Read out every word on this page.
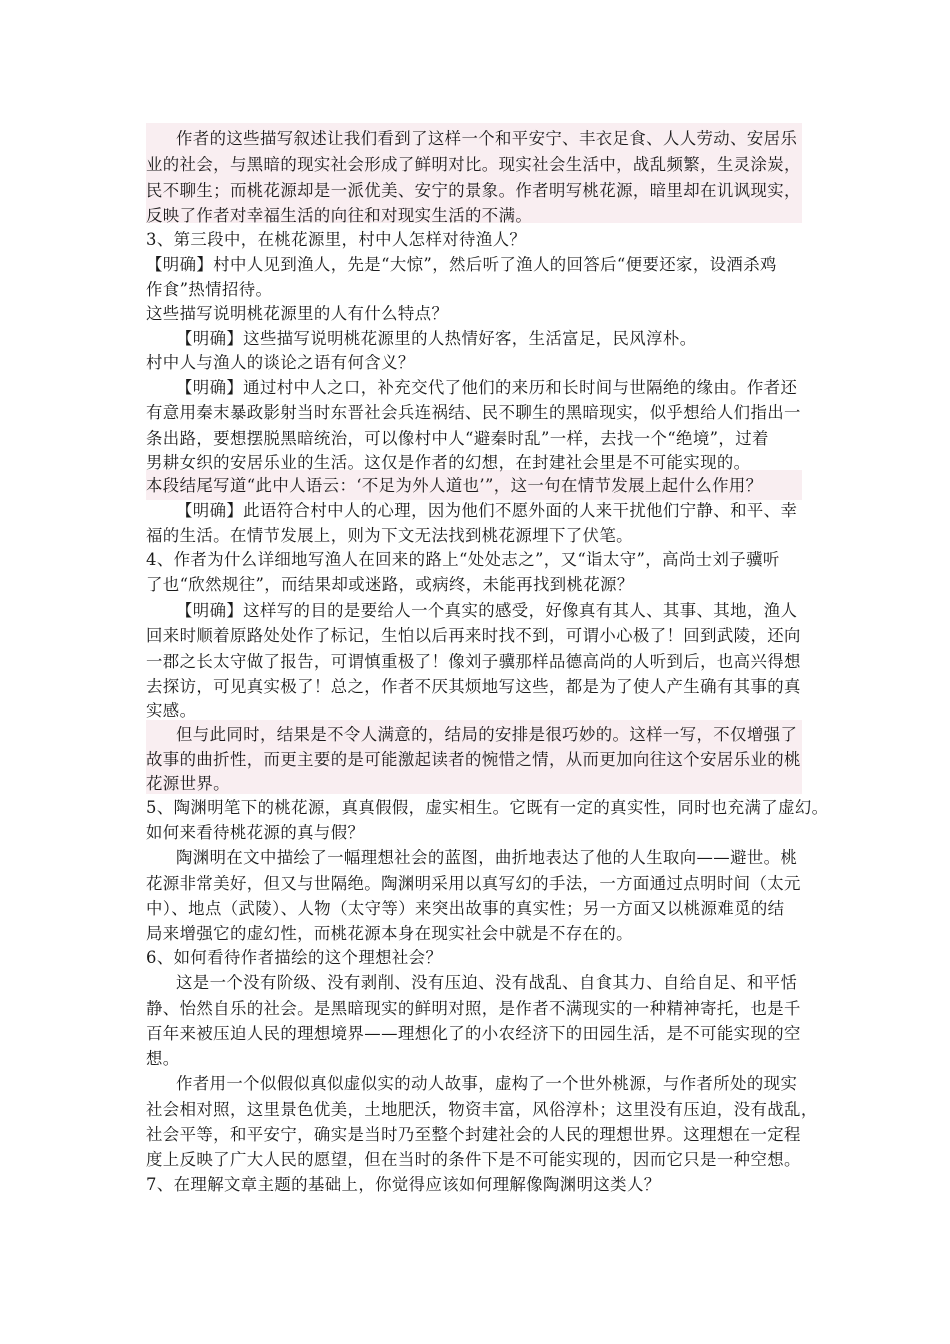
作者的这些描写叙述让我们看到了这样一个和平安宁、丰衣足食、人人劳动、安居乐
业的社会，与黑暗的现实社会形成了鲜明对比。现实社会生活中，战乱频繁，生灵涂炭，
民不聊生；而桃花源却是一派优美、安宁的景象。作者明写桃花源，暗里却在讥讽现实，
反映了作者对幸福生活的向往和对现实生活的不满。
3、第三段中，在桃花源里，村中人怎样对待渔人？
【明确】村中人见到渔人，先是“大惊”，然后听了渔人的回答后“便要还家，设酒杀鸡
作食”热情招待。
这些描写说明桃花源里的人有什么特点？
【明确】这些描写说明桃花源里的人热情好客，生活富足，民风淳朴。
村中人与渔人的谈论之语有何含义？
【明确】通过村中人之口，补充交代了他们的来历和长时间与世隔绝的缘由。作者还
有意用秦末暴政影射当时东晋社会兵连祸结、民不聊生的黑暗现实，似乎想给人们指出一
条出路，要想摆脱黑暗统治，可以像村中人“避秦时乱”一样，去找一个“绝境”，过着
男耕女织的安居乐业的生活。这仅是作者的幻想，在封建社会里是不可能实现的。
本段结尾写道“此中人语云：‘不足为外人道也’”，这一句在情节发展上起什么作用？
【明确】此语符合村中人的心理，因为他们不愿外面的人来干扰他们宁静、和平、幸
福的生活。在情节发展上，则为下文无法找到桃花源埋下了伏笔。
4、作者为什么详细地写渔人在回来的路上“处处志之”，又“诣太守”，高尚士刘子骥听
了也“欣然规往”，而结果却或迷路，或病终，未能再找到桃花源？
【明确】这样写的目的是要给人一个真实的感受，好像真有其人、其事、其地，渔人
回来时顺着原路处处作了标记，生怕以后再来时找不到，可谓小心极了！回到武陵，还向
一郡之长太守做了报告，可谓慎重极了！像刘子骥那样品德高尚的人听到后，也高兴得想
去探访，可见真实极了！总之，作者不厌其烦地写这些，都是为了使人产生确有其事的真
实感。
但与此同时，结果是不令人满意的，结局的安排是很巧妙的。这样一写，不仅增强了
故事的曲折性，而更主要的是可能激起读者的惋惜之情，从而更加向往这个安居乐业的桃
花源世界。
5、陶渊明笔下的桃花源，真真假假，虚实相生。它既有一定的真实性，同时也充满了虚幻。
如何来看待桃花源的真与假？
陶渊明在文中描绘了一幅理想社会的蓝图，曲折地表达了他的人生取向——避世。桃
花源非常美好，但又与世隔绝。陶渊明采用以真写幻的手法，一方面通过点明时间（太元
中）、地点（武陵）、人物（太守等）来突出故事的真实性；另一方面又以桃源难觅的结
局来增强它的虚幻性，而桃花源本身在现实社会中就是不存在的。
6、如何看待作者描绘的这个理想社会？
这是一个没有阶级、没有剥削、没有压迫、没有战乱、自食其力、自给自足、和平恬
静、怡然自乐的社会。是黑暗现实的鲜明对照，是作者不满现实的一种精神寄托，也是千
百年来被压迫人民的理想境界——理想化了的小农经济下的田园生活，是不可能实现的空
想。
作者用一个似假似真似虚似实的动人故事，虚构了一个世外桃源，与作者所处的现实
社会相对照，这里景色优美，土地肥沃，物资丰富，风俗淳朴；这里没有压迫，没有战乱，
社会平等，和平安宁，确实是当时乃至整个封建社会的人民的理想世界。这理想在一定程
度上反映了广大人民的愿望，但在当时的条件下是不可能实现的，因而它只是一种空想。
7、在理解文章主题的基础上，你觉得应该如何理解像陶渊明这类人？
